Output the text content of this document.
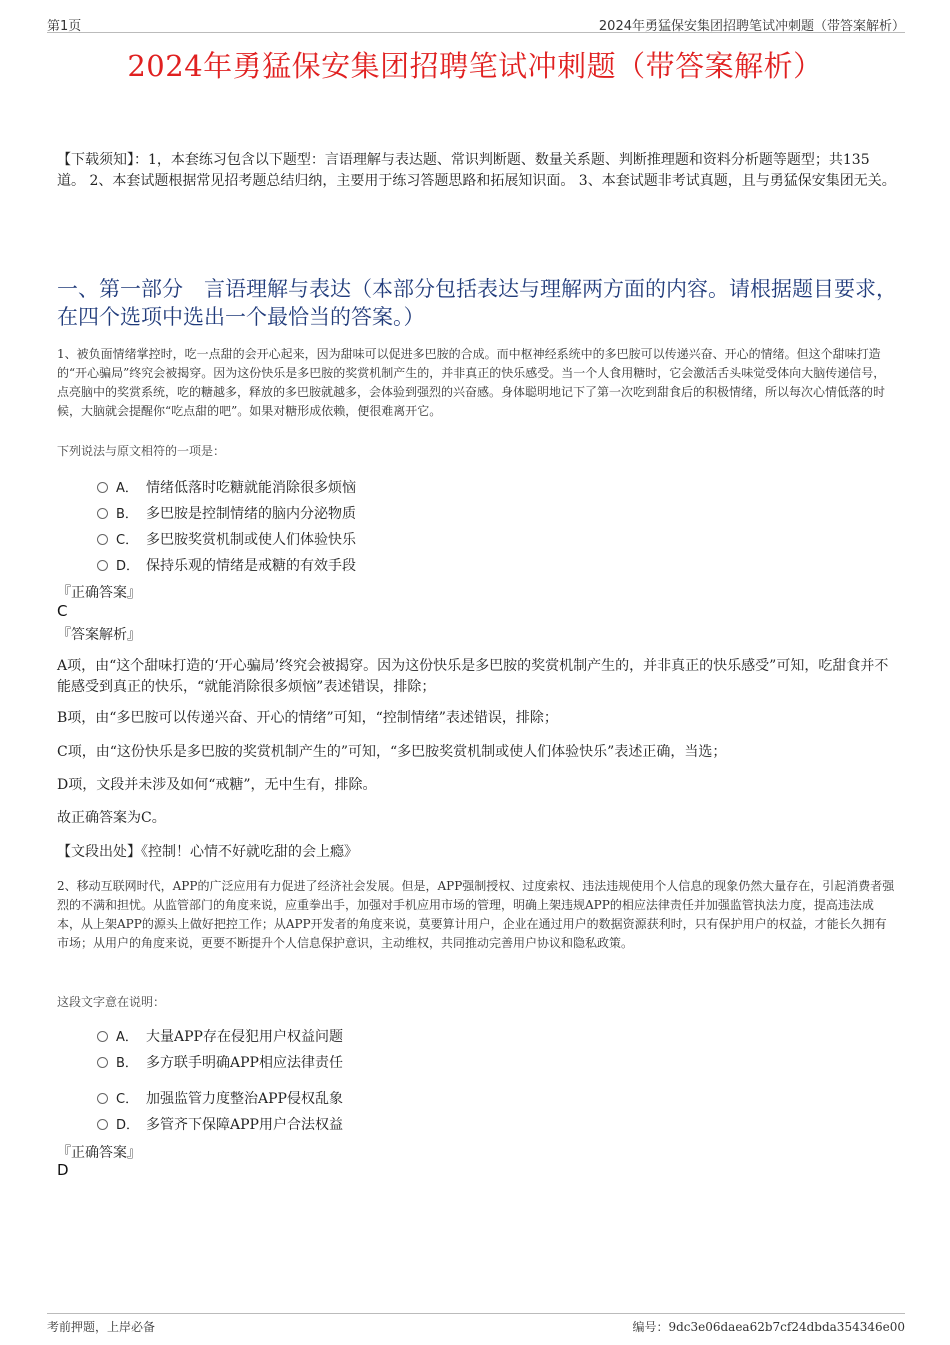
第1页	2024年勇猛保安集团招聘笔试冲刺题（带答案解析）
2024年勇猛保安集团招聘笔试冲刺题（带答案解析）
【下载须知】：1，本套练习包含以下题型：言语理解与表达题、常识判断题、数量关系题、判断推理题和资料分析题等题型；共135道。 2、本套试题根据常见招考题总结归纳，主要用于练习答题思路和拓展知识面。 3、本套试题非考试真题，且与勇猛保安集团无关。
一、第一部分　言语理解与表达（本部分包括表达与理解两方面的内容。请根据题目要求，在四个选项中选出一个最恰当的答案。）
1、被负面情绪掌控时，吃一点甜的会开心起来，因为甜味可以促进多巴胺的合成。而中枢神经系统中的多巴胺可以传递兴奋、开心的情绪。但这个甜味打造的“开心骗局”终究会被揭穿。因为这份快乐是多巴胺的奖赏机制产生的，并非真正的快乐感受。当一个人食用糖时，它会激活舌头味觉受体向大脑传递信号，点亮脑中的奖赏系统，吃的糖越多，释放的多巴胺就越多，会体验到强烈的兴奋感。身体聪明地记下了第一次吃到甜食后的积极情绪，所以每次心情低落的时候，大脑就会提醒你“吃点甜的吧”。如果对糖形成依赖，便很难离开它。
下列说法与原文相符的一项是：
A． 情绪低落时吃糖就能消除很多烦恼
B． 多巴胺是控制情绪的脑内分泌物质
C． 多巴胺奖赏机制或使人们体验快乐
D． 保持乐观的情绪是戒糖的有效手段
『正确答案』
C
『答案解析』
A项，由“这个甜味打造的‘开心骗局’终究会被揭穿。因为这份快乐是多巴胺的奖赏机制产生的，并非真正的快乐感受”可知，吃甜食并不能感受到真正的快乐，“就能消除很多烦恼”表述错误，排除；
B项，由“多巴胺可以传递兴奋、开心的情绪”可知，“控制情绪”表述错误，排除；
C项，由“这份快乐是多巴胺的奖赏机制产生的”可知，“多巴胺奖赏机制或使人们体验快乐”表述正确，当选；
D项，文段并未涉及如何“戒糖”，无中生有，排除。
故正确答案为C。
【文段出处】《控制！心情不好就吃甜的会上瘾》
2、移动互联网时代，APP的广泛应用有力促进了经济社会发展。但是，APP强制授权、过度索权、违法违规使用个人信息的现象仍然大量存在，引起消费者强烈的不满和担忧。从监管部门的角度来说，应重拳出手，加强对手机应用市场的管理，明确上架违规APP的相应法律责任并加强监管执法力度，提高违法成本，从上架APP的源头上做好把控工作；从APP开发者的角度来说，莫要算计用户，企业在通过用户的数据资源获利时，只有保护用户的权益，才能长久拥有市场；从用户的角度来说，更要不断提升个人信息保护意识，主动维权，共同推动完善用户协议和隐私政策。
这段文字意在说明：
A． 大量APP存在侵犯用户权益问题
B． 多方联手明确APP相应法律责任
C． 加强监管力度整治APP侵权乱象
D． 多管齐下保障APP用户合法权益
『正确答案』
D
考前押题，上岸必备	编号：9dc3e06daea62b7cf24dbda354346e00
